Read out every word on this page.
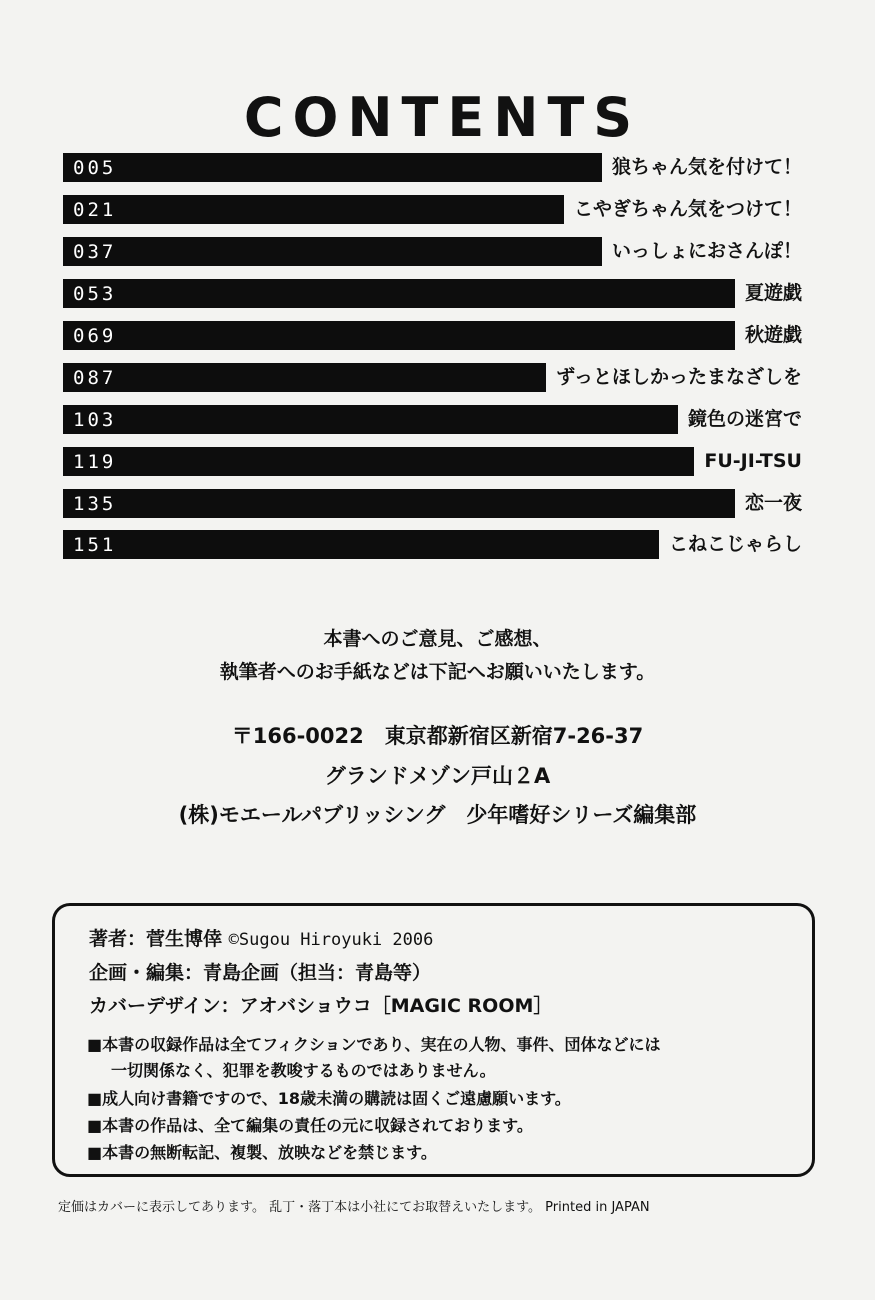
CONTENTS
005	狼ちゃん気を付けて！
021	こやぎちゃん気をつけて！
037	いっしょにおさんぽ！
053	夏遊戯
069	秋遊戯
087	ずっとほしかったまなざしを
103	鏡色の迷宮で
119	FU-JI-TSU
135	恋一夜
151	こねこじゃらし
本書へのご意見、ご感想、
執筆者へのお手紙などは下記へお願いいたします。
〒166-0022　東京都新宿区新宿7-26-37
グランドメゾン戸山２A
(株)モエールパブリッシング　少年嗜好シリーズ編集部
著者：菅生博倖 ©Sugou Hiroyuki 2006
企画・編集：青島企画（担当：青島等）
カバーデザイン：アオバショウコ［MAGIC ROOM］
■本書の収録作品は全てフィクションであり、実在の人物、事件、団体などには
一切関係なく、犯罪を教唆するものではありません。
■成人向け書籍ですので、18歳未満の購読は固くご遠慮願います。
■本書の作品は、全て編集の責任の元に収録されております。
■本書の無断転記、複製、放映などを禁じます。
定価はカバーに表示してあります。 乱丁・落丁本は小社にてお取替えいたします。 Printed in JAPAN
